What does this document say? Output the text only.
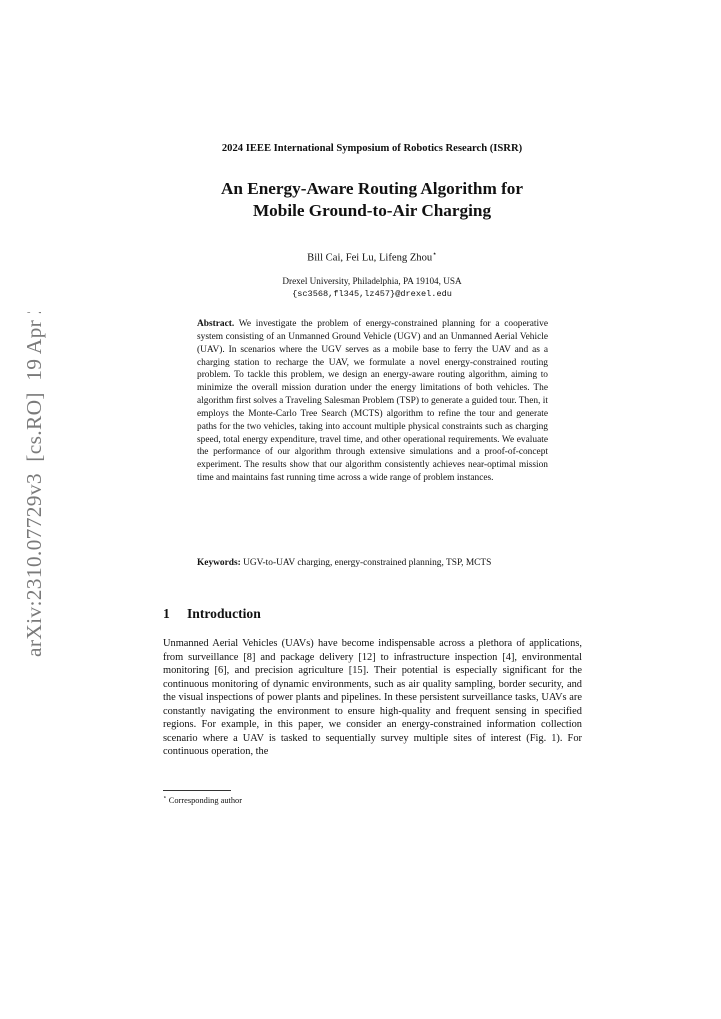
arXiv:2310.07729v3  [cs.RO]  19 Apr 2025
2024 IEEE International Symposium of Robotics Research (ISRR)
An Energy-Aware Routing Algorithm for
Mobile Ground-to-Air Charging
Bill Cai, Fei Lu, Lifeng Zhou⋆
Drexel University, Philadelphia, PA 19104, USA
{sc3568,fl345,lz457}@drexel.edu
Abstract. We investigate the problem of energy-constrained planning for a cooperative system consisting of an Unmanned Ground Vehicle (UGV) and an Unmanned Aerial Vehicle (UAV). In scenarios where the UGV serves as a mobile base to ferry the UAV and as a charging station to recharge the UAV, we formulate a novel energy-constrained routing problem. To tackle this problem, we design an energy-aware routing algorithm, aiming to minimize the overall mission duration under the energy limitations of both vehicles. The algorithm first solves a Traveling Salesman Problem (TSP) to generate a guided tour. Then, it employs the Monte-Carlo Tree Search (MCTS) algorithm to refine the tour and generate paths for the two vehicles, taking into account multiple physical constraints such as charging speed, total energy expenditure, travel time, and other operational requirements. We evaluate the performance of our algorithm through extensive simulations and a proof-of-concept experiment. The results show that our algorithm consistently achieves near-optimal mission time and maintains fast running time across a wide range of problem instances.
Keywords: UGV-to-UAV charging, energy-constrained planning, TSP, MCTS
1 Introduction
Unmanned Aerial Vehicles (UAVs) have become indispensable across a plethora of applications, from surveillance [8] and package delivery [12] to infrastructure inspection [4], environmental monitoring [6], and precision agriculture [15]. Their potential is especially significant for the continuous monitoring of dynamic environments, such as air quality sampling, border security, and the visual inspections of power plants and pipelines. In these persistent surveillance tasks, UAVs are constantly navigating the environment to ensure high-quality and frequent sensing in specified regions. For example, in this paper, we consider an energy-constrained information collection scenario where a UAV is tasked to sequentially survey multiple sites of interest (Fig. 1). For continuous operation, the
⋆ Corresponding author
